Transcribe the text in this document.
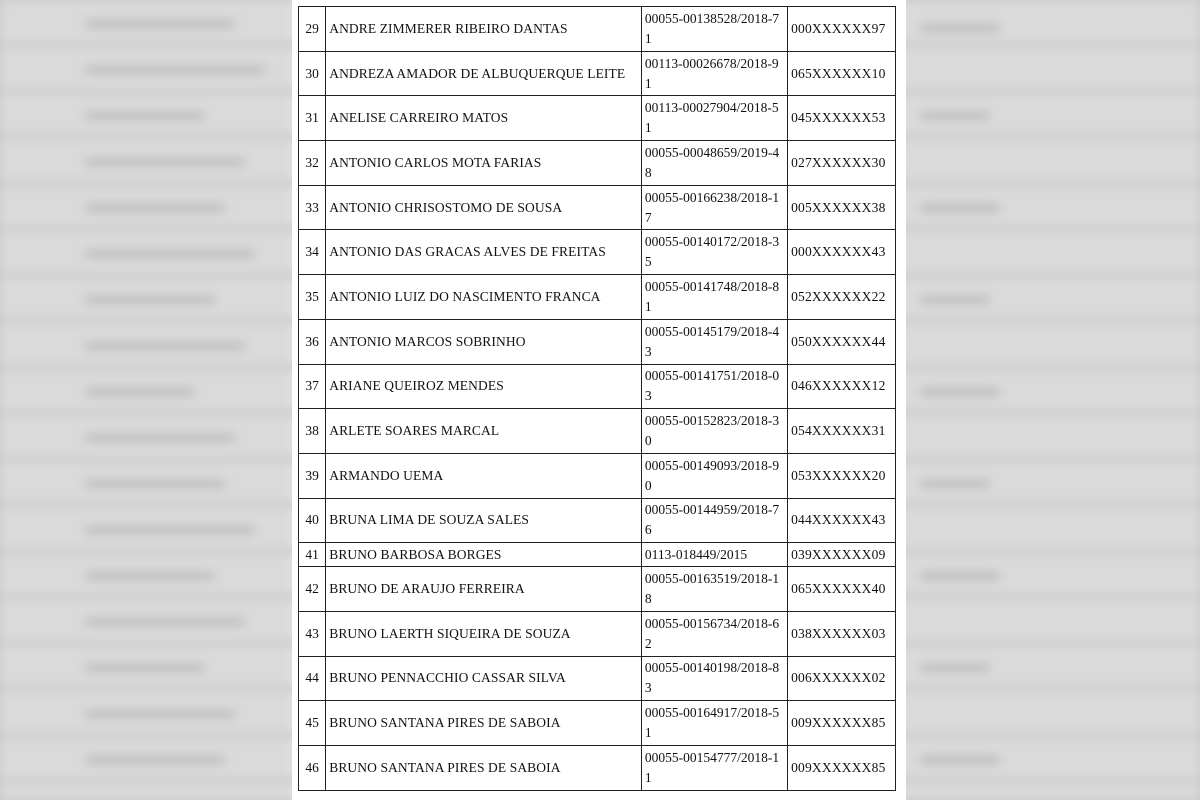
29	ANDRE ZIMMERER RIBEIRO DANTAS	00055-00138528/2018-71	000XXXXXX97
30	ANDREZA AMADOR DE ALBUQUERQUE LEITE	00113-00026678/2018-91	065XXXXXX10
31	ANELISE CARREIRO MATOS	00113-00027904/2018-51	045XXXXXX53
32	ANTONIO CARLOS MOTA FARIAS	00055-00048659/2019-48	027XXXXXX30
33	ANTONIO CHRISOSTOMO DE SOUSA	00055-00166238/2018-17	005XXXXXX38
34	ANTONIO DAS GRACAS ALVES DE FREITAS	00055-00140172/2018-35	000XXXXXX43
35	ANTONIO LUIZ DO NASCIMENTO FRANCA	00055-00141748/2018-81	052XXXXXX22
36	ANTONIO MARCOS SOBRINHO	00055-00145179/2018-43	050XXXXXX44
37	ARIANE QUEIROZ MENDES	00055-00141751/2018-03	046XXXXXX12
38	ARLETE SOARES MARCAL	00055-00152823/2018-30	054XXXXXX31
39	ARMANDO UEMA	00055-00149093/2018-90	053XXXXXX20
40	BRUNA LIMA DE SOUZA SALES	00055-00144959/2018-76	044XXXXXX43
41	BRUNO BARBOSA BORGES	0113-018449/2015	039XXXXXX09
42	BRUNO DE ARAUJO FERREIRA	00055-00163519/2018-18	065XXXXXX40
43	BRUNO LAERTH SIQUEIRA DE SOUZA	00055-00156734/2018-62	038XXXXXX03
44	BRUNO PENNACCHIO CASSAR SILVA	00055-00140198/2018-83	006XXXXXX02
45	BRUNO SANTANA PIRES DE SABOIA	00055-00164917/2018-51	009XXXXXX85
46	BRUNO SANTANA PIRES DE SABOIA	00055-00154777/2018-11	009XXXXXX85
